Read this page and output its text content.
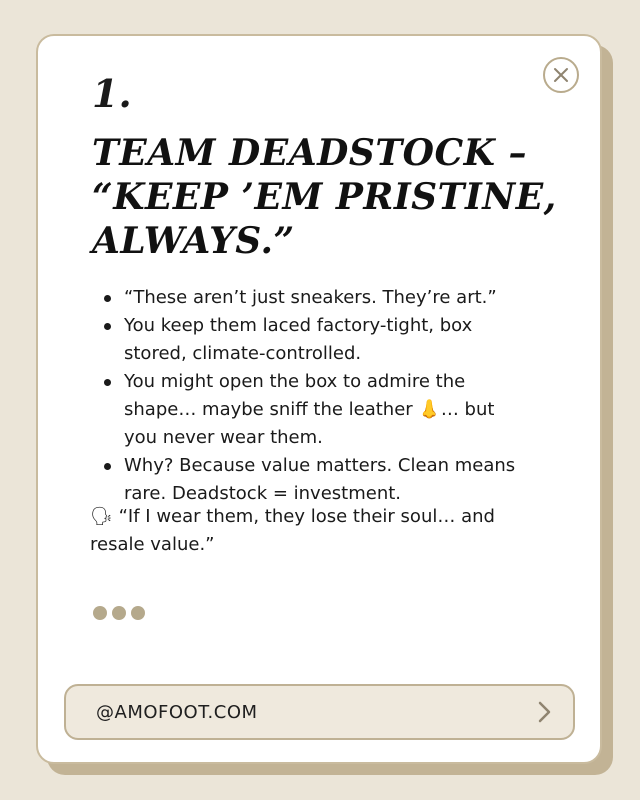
1.
TEAM DEADSTOCK –
“KEEP ’EM PRISTINE,
ALWAYS.”
“These aren’t just sneakers. They’re art.”
You keep them laced factory-tight, box stored, climate-controlled.
You might open the box to admire the shape… maybe sniff the leather 👃… but you never wear them.
Why? Because value matters. Clean means rare. Deadstock = investment.

🗣 “If I wear them, they lose their soul… and resale value.”

@AMOFOOT.COM
